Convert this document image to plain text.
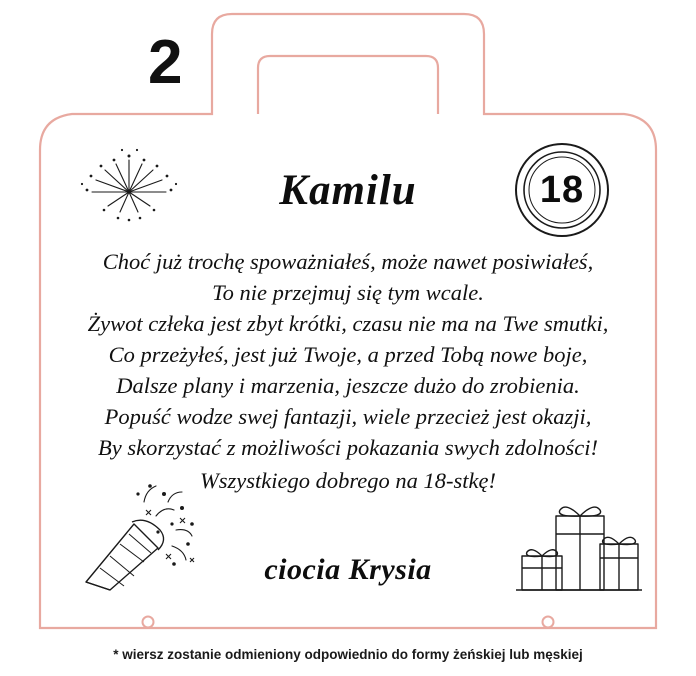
2
18
Kamilu
Choć już trochę spoważniałeś, może nawet posiwiałeś,
To nie przejmuj się tym wcale.
Żywot człeka jest zbyt krótki, czasu nie ma na Twe smutki,
Co przeżyłeś, jest już Twoje, a przed Tobą nowe boje,
Dalsze plany i marzenia, jeszcze dużo do zrobienia.
Popuść wodze swej fantazji, wiele przecież jest okazji,
By skorzystać z możliwości pokazania swych zdolności!
Wszystkiego dobrego na 18-stkę!
ciocia Krysia
* wiersz zostanie odmieniony odpowiednio do formy żeńskiej lub męskiej
